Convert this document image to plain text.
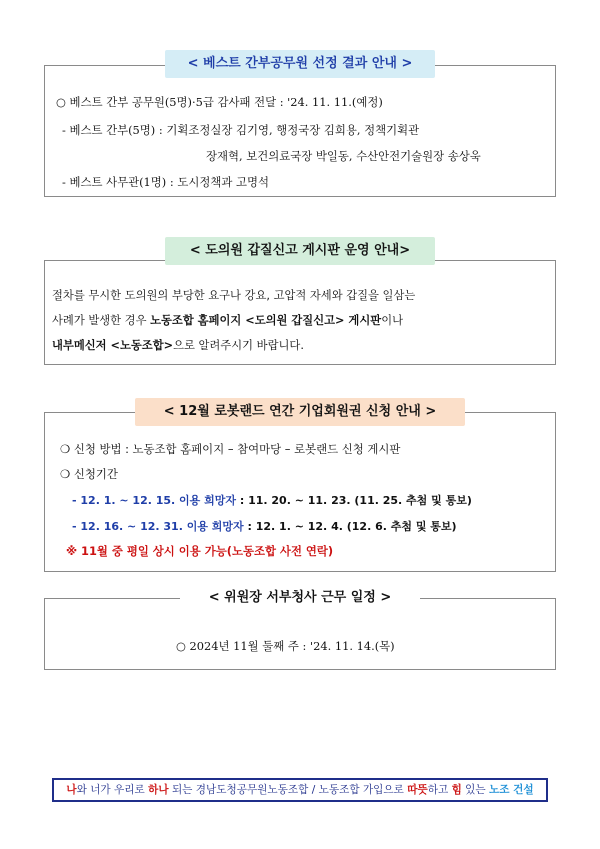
< 베스트 간부공무원 선정 결과 안내 >
○ 베스트 간부 공무원(5명)·5급 감사패 전달 : '24. 11. 11.(예정)
- 베스트 간부(5명) : 기획조정실장 김기영, 행정국장 김희용, 정책기획관
장재혁, 보건의료국장 박일동, 수산안전기술원장 송상욱
- 베스트 사무관(1명) : 도시정책과 고명석
< 도의원 갑질신고 게시판 운영 안내>
절차를 무시한 도의원의 부당한 요구나 강요, 고압적 자세와 갑질을 일삼는
사례가 발생한 경우 노동조합 홈페이지 <도의원 갑질신고> 게시판이나
내부메신저 <노동조합>으로 알려주시기 바랍니다.
< 12월 로봇랜드 연간 기업회원권 신청 안내 >
❍ 신청 방법 : 노동조합 홈페이지 – 참여마당 – 로봇랜드 신청 게시판
❍ 신청기간
- 12. 1. ~ 12. 15. 이용 희망자 : 11. 20. ~ 11. 23. (11. 25. 추첨 및 통보)
- 12. 16. ~ 12. 31. 이용 희망자 : 12. 1. ~ 12. 4. (12. 6. 추첨 및 통보)
※ 11월 중 평일 상시 이용 가능(노동조합 사전 연락)
< 위원장 서부청사 근무 일정 >
○ 2024년 11월 둘째 주 : '24. 11. 14.(목)
나와 너가 우리로 하나 되는 경남도청공무원노동조합 / 노동조합 가입으로 따뜻하고 힘 있는 노조 건설
